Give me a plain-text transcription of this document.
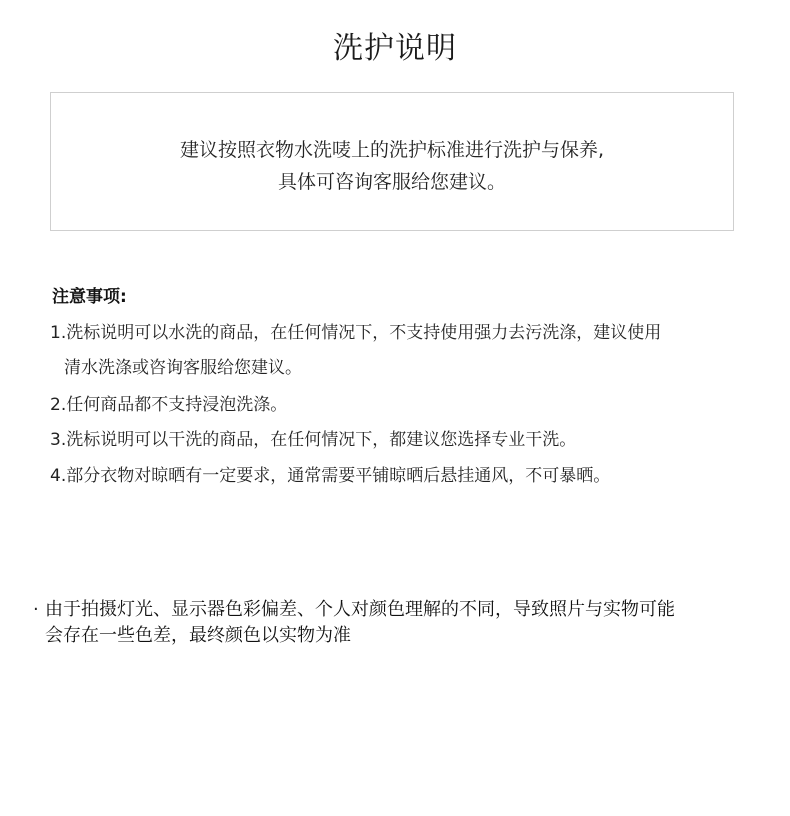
洗护说明
建议按照衣物水洗唛上的洗护标准进行洗护与保养,
具体可咨询客服给您建议。
注意事项:
1.洗标说明可以水洗的商品，在任何情况下，不支持使用强力去污洗涤，建议使用
清水洗涤或咨询客服给您建议。
2.任何商品都不支持浸泡洗涤。
3.洗标说明可以干洗的商品，在任何情况下，都建议您选择专业干洗。
4.部分衣物对晾晒有一定要求，通常需要平铺晾晒后悬挂通风，不可暴晒。
· 由于拍摄灯光、显示器色彩偏差、个人对颜色理解的不同，导致照片与实物可能
会存在一些色差，最终颜色以实物为准
